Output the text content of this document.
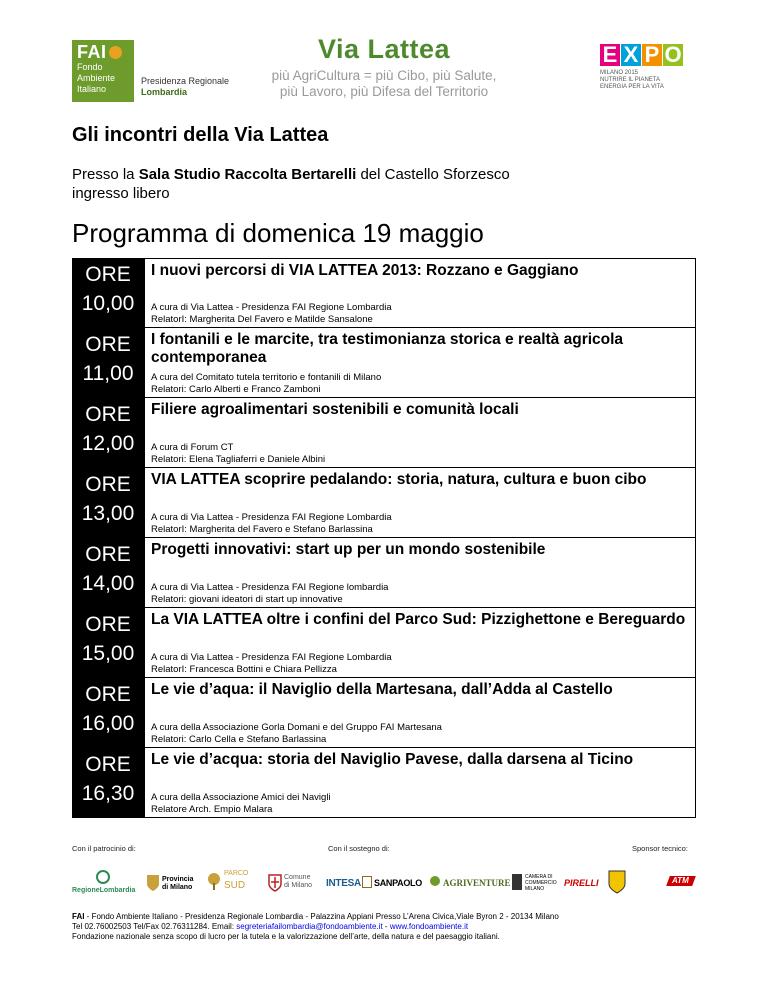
FAI
Fondo
Ambiente
Italiano
Presidenza Regionale
Lombardia
Via Lattea
più AgriCultura = più Cibo, più Salute,
più Lavoro, più Difesa del Territorio
E X P O
MILANO 2015
NUTRIRE IL PIANETA
ENERGIA PER LA VITA
Gli incontri della Via Lattea
Presso la Sala Studio Raccolta Bertarelli del Castello Sforzesco
ingresso libero
Programma di domenica 19 maggio
ORE
10,00
I nuovi percorsi di VIA LATTEA 2013: Rozzano e Gaggiano
A cura di Via Lattea - Presidenza FAI Regione Lombardia
RelatorI: Margherita Del Favero e Matilde Sansalone
ORE
11,00
I fontanili e le marcite, tra testimonianza storica e realtà agricola contemporanea
A cura del Comitato tutela territorio e fontanili di Milano
Relatori: Carlo Alberti e Franco Zamboni
ORE
12,00
Filiere agroalimentari sostenibili e comunità locali
A cura di Forum CT
Relatori: Elena Tagliaferri e Daniele Albini
ORE
13,00
VIA LATTEA scoprire pedalando: storia, natura, cultura e buon cibo
A cura di Via Lattea - Presidenza FAI Regione Lombardia
RelatorI: Margherita del Favero e Stefano Barlassina
ORE
14,00
Progetti innovativi: start up per un mondo sostenibile
A cura di Via Lattea - Presidenza FAI Regione lombardia
Relatori: giovani ideatori di start up innovative
ORE
15,00
La VIA LATTEA oltre i confini del Parco Sud: Pizzighettone e Bereguardo
A cura di Via Lattea - Presidenza FAI Regione Lombardia
RelatorI: Francesca Bottini e Chiara Pellizza
ORE
16,00
Le vie d’aqua: il Naviglio della Martesana, dall’Adda al Castello
A cura della Associazione Gorla Domani e del Gruppo FAI Martesana
Relatori: Carlo Cella e Stefano Barlassina
ORE
16,30
Le vie d’acqua: storia del Naviglio Pavese, dalla darsena al Ticino
A cura della Associazione Amici dei Navigli
Relatore Arch. Empio Malara
Con il patrocinio di:	Con il sostegno di:	Sponsor tecnico:
RegioneLombardia
Provincia di Milano
PARCO
SUD
Comune di Milano INTESA SANPAOLO AGRIVENTURE
CAMERA DI COMMERCIO MILANO
PIRELLI	ATM
FAI - Fondo Ambiente Italiano - Presidenza Regionale Lombardia - Palazzina Appiani Presso L’Arena Civica,Viale Byron 2 - 20134 Milano
Tel 02.76002503 Tel/Fax 02.76311284. Email: segreteriafailombardia@fondoambiente.it - www.fondoambiente.it
Fondazione nazionale senza scopo di lucro per la tutela e la valorizzazione dell’arte, della natura e del paesaggio italiani.
